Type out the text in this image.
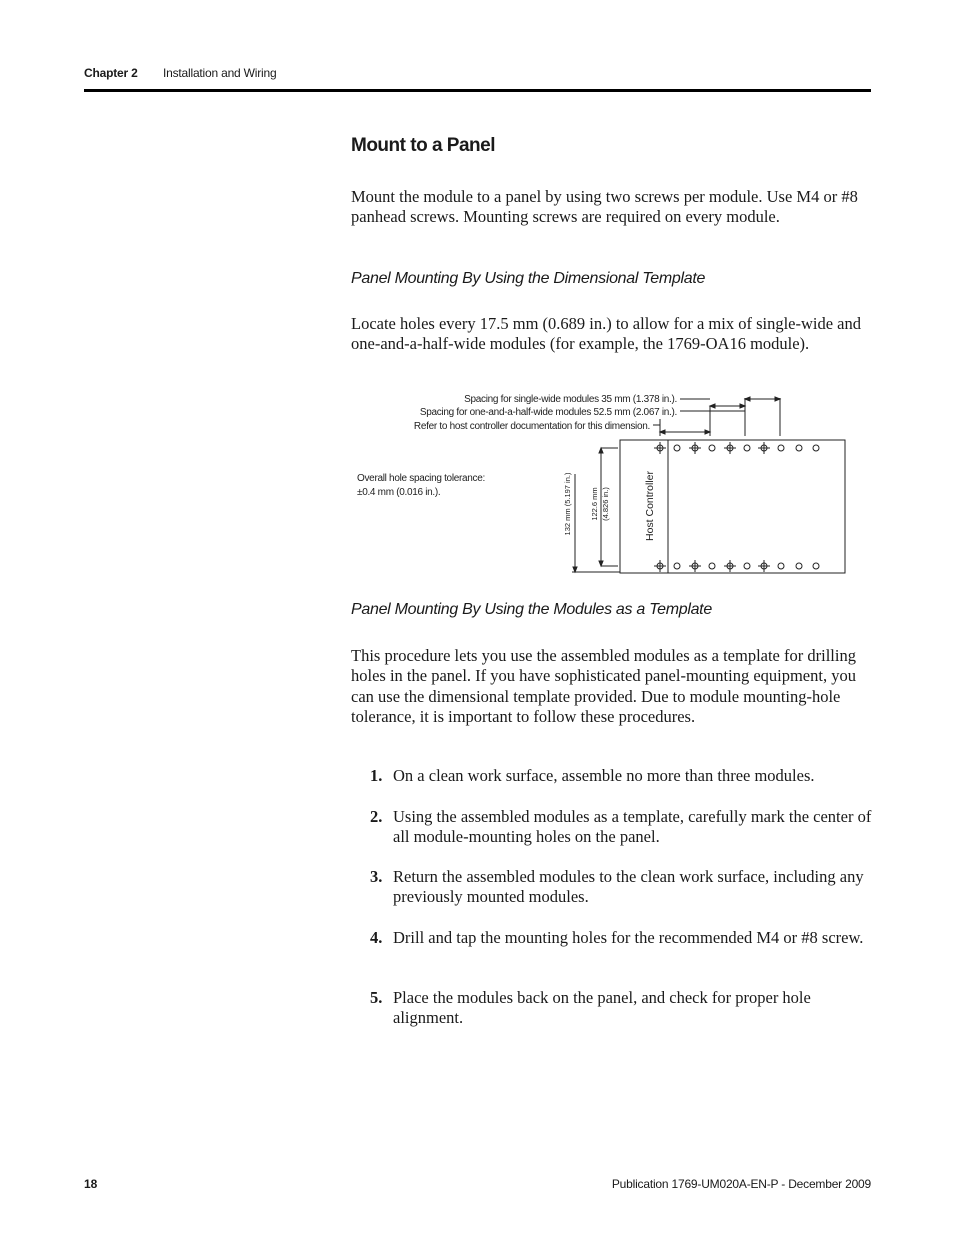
Chapter 2 Installation and Wiring
Mount to a Panel

Mount the module to a panel by using two screws per module. Use M4 or #8 panhead screws. Mounting screws are required on every module.

Panel Mounting By Using the Dimensional Template

Locate holes every 17.5 mm (0.689 in.) to allow for a mix of single-wide and one-and-a-half-wide modules (for example, the 1769-OA16 module).

Spacing for single-wide modules 35 mm (1.378 in.).
Spacing for one-and-a-half-wide modules 52.5 mm (2.067 in.).
Refer to host controller documentation for this dimension.
Overall hole spacing tolerance:
±0.4 mm (0.016 in.).	Host Controller
132 mm (5.197 in.) 122.6 mm (4.826 in.)
Panel Mounting By Using the Modules as a Template

This procedure lets you use the assembled modules as a template for drilling holes in the panel. If you have sophisticated panel-mounting equipment, you can use the dimensional template provided. Due to module mounting-hole tolerance, it is important to follow these procedures.

1. On a clean work surface, assemble no more than three modules.
2. Using the assembled modules as a template, carefully mark the center of all module-mounting holes on the panel.
3. Return the assembled modules to the clean work surface, including any previously mounted modules.
4. Drill and tap the mounting holes for the recommended M4 or #8 screw.
5. Place the modules back on the panel, and check for proper hole alignment.
18	Publication 1769-UM020A-EN-P - December 2009
